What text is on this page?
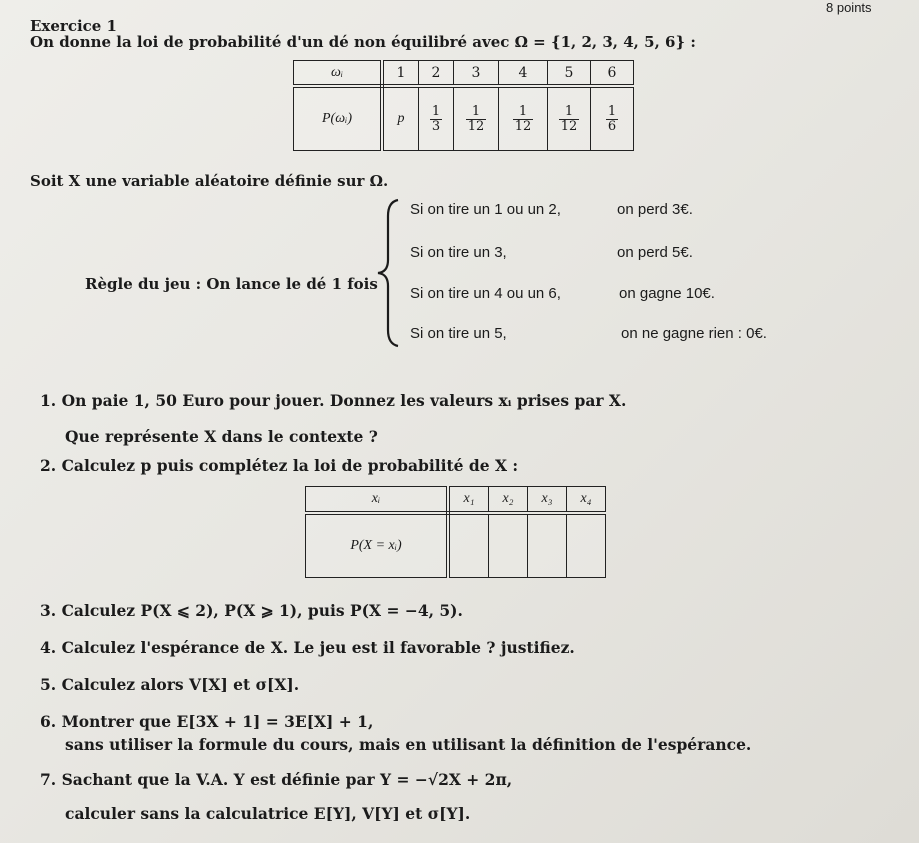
8 points
Exercice 1
On donne la loi de probabilité d'un dé non équilibré avec Ω = {1, 2, 3, 4, 5, 6} :
ωᵢ	1	2	3	4	5	6
P(ωᵢ)	p	$\frac{1}{3}$	$\frac{1}{12}$	$\frac{1}{12}$	$\frac{1}{12}$	$\frac{1}{6}$
Soit X une variable aléatoire définie sur Ω.
Règle du jeu : On lance le dé 1 fois
Si on tire un 1 ou un 2,	on perd 3€.
Si on tire un 3,	on perd 5€.
Si on tire un 4 ou un 6,	on gagne 10€.
Si on tire un 5,	on ne gagne rien : 0€.
1. On paie 1, 50 Euro pour jouer. Donnez les valeurs xᵢ prises par X.
Que représente X dans le contexte ?
2. Calculez p puis complétez la loi de probabilité de X :
xᵢ	x₁	x₂	x₃	x₄
P(X = xᵢ)				
3. Calculez P(X ⩽ 2), P(X ⩾ 1), puis P(X = −4, 5).
4. Calculez l'espérance de X. Le jeu est il favorable ? justifiez.
5. Calculez alors V[X] et σ[X].
6. Montrer que E[3X + 1] = 3E[X] + 1,
sans utiliser la formule du cours, mais en utilisant la définition de l'espérance.
7. Sachant que la V.A. Y est définie par Y = −√2X + 2π,
calculer sans la calculatrice E[Y], V[Y] et σ[Y].
